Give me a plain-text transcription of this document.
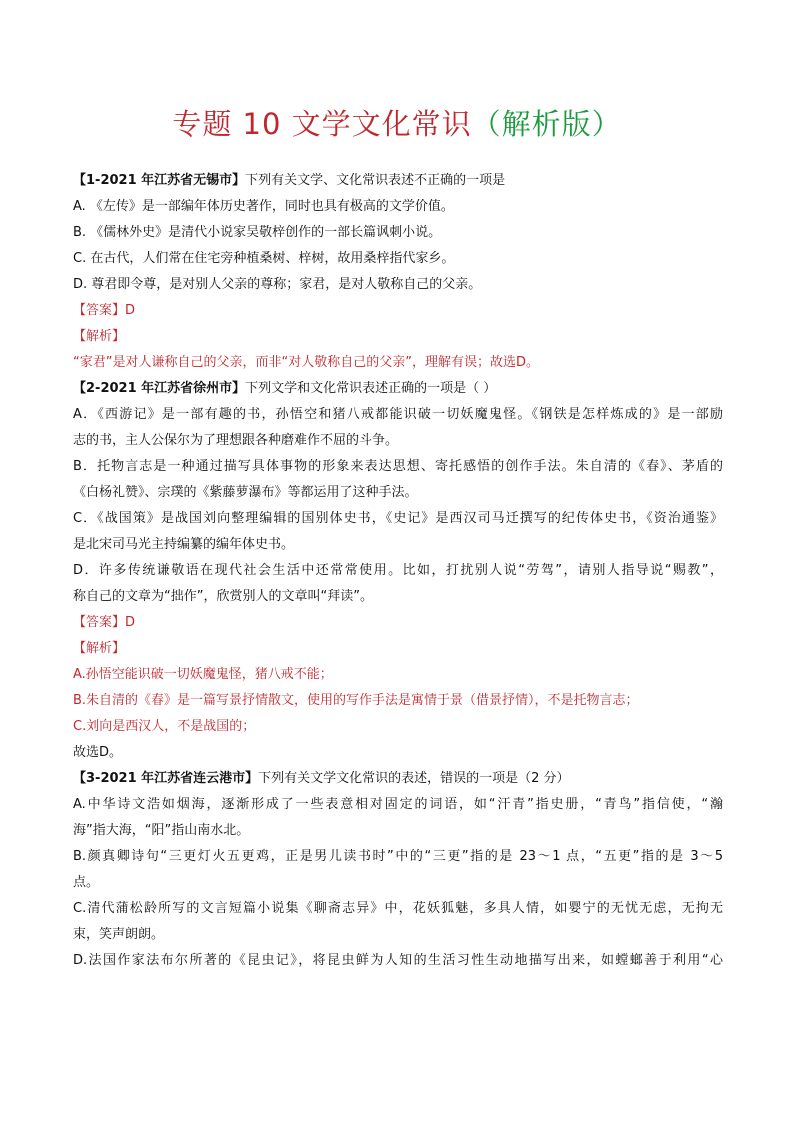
专题 10 文学文化常识（解析版）
【1-2021 年江苏省无锡市】下列有关文学、文化常识表述不正确的一项是
A. 《左传》是一部编年体历史著作，同时也具有极高的文学价值。
B. 《儒林外史》是清代小说家吴敬梓创作的一部长篇讽刺小说。
C. 在古代，人们常在住宅旁种植桑树、梓树，故用桑梓指代家乡。
D. 尊君即令尊，是对别人父亲的尊称；家君，是对人敬称自己的父亲。
【答案】D
【解析】
“家君”是对人谦称自己的父亲，而非“对人敬称自己的父亲”，理解有误；故选D。
【2-2021 年江苏省徐州市】下列文学和文化常识表述正确的一项是（ ）
A．《西游记》是一部有趣的书，孙悟空和猪八戒都能识破一切妖魔鬼怪。《钢铁是怎样炼成的》是一部励
志的书，主人公保尔为了理想跟各种磨难作不屈的斗争。
B．托物言志是一种通过描写具体事物的形象来表达思想、寄托感悟的创作手法。朱自清的《春》、茅盾的
《白杨礼赞》、宗璞的《紫藤萝瀑布》等都运用了这种手法。
C．《战国策》是战国刘向整理编辑的国别体史书，《史记》是西汉司马迁撰写的纪传体史书，《资治通鉴》
是北宋司马光主持编纂的编年体史书。
D．许多传统谦敬语在现代社会生活中还常常使用。比如，打扰别人说“劳驾”，请别人指导说“赐教”，
称自己的文章为“拙作”，欣赏别人的文章叫“拜读”。
【答案】D
【解析】
A.孙悟空能识破一切妖魔鬼怪，猪八戒不能；
B.朱自清的《春》是一篇写景抒情散文，使用的写作手法是寓情于景（借景抒情），不是托物言志；
C.刘向是西汉人，不是战国的；
故选D。
【3-2021 年江苏省连云港市】下列有关文学文化常识的表述，错误的一项是（2 分）
A.中华诗文浩如烟海，逐渐形成了一些表意相对固定的词语，如“汗青”指史册，“青鸟”指信使，“瀚
海”指大海，“阳”指山南水北。
B.颜真卿诗句“三更灯火五更鸡，正是男儿读书时”中的“三更”指的是 23～1 点，“五更”指的是 3～5
点。
C.清代蒲松龄所写的文言短篇小说集《聊斋志异》中，花妖狐魅，多具人情，如婴宁的无忧无虑，无拘无
束，笑声朗朗。
D.法国作家法布尔所著的《昆虫记》，将昆虫鲜为人知的生活习性生动地描写出来，如螳螂善于利用“心
